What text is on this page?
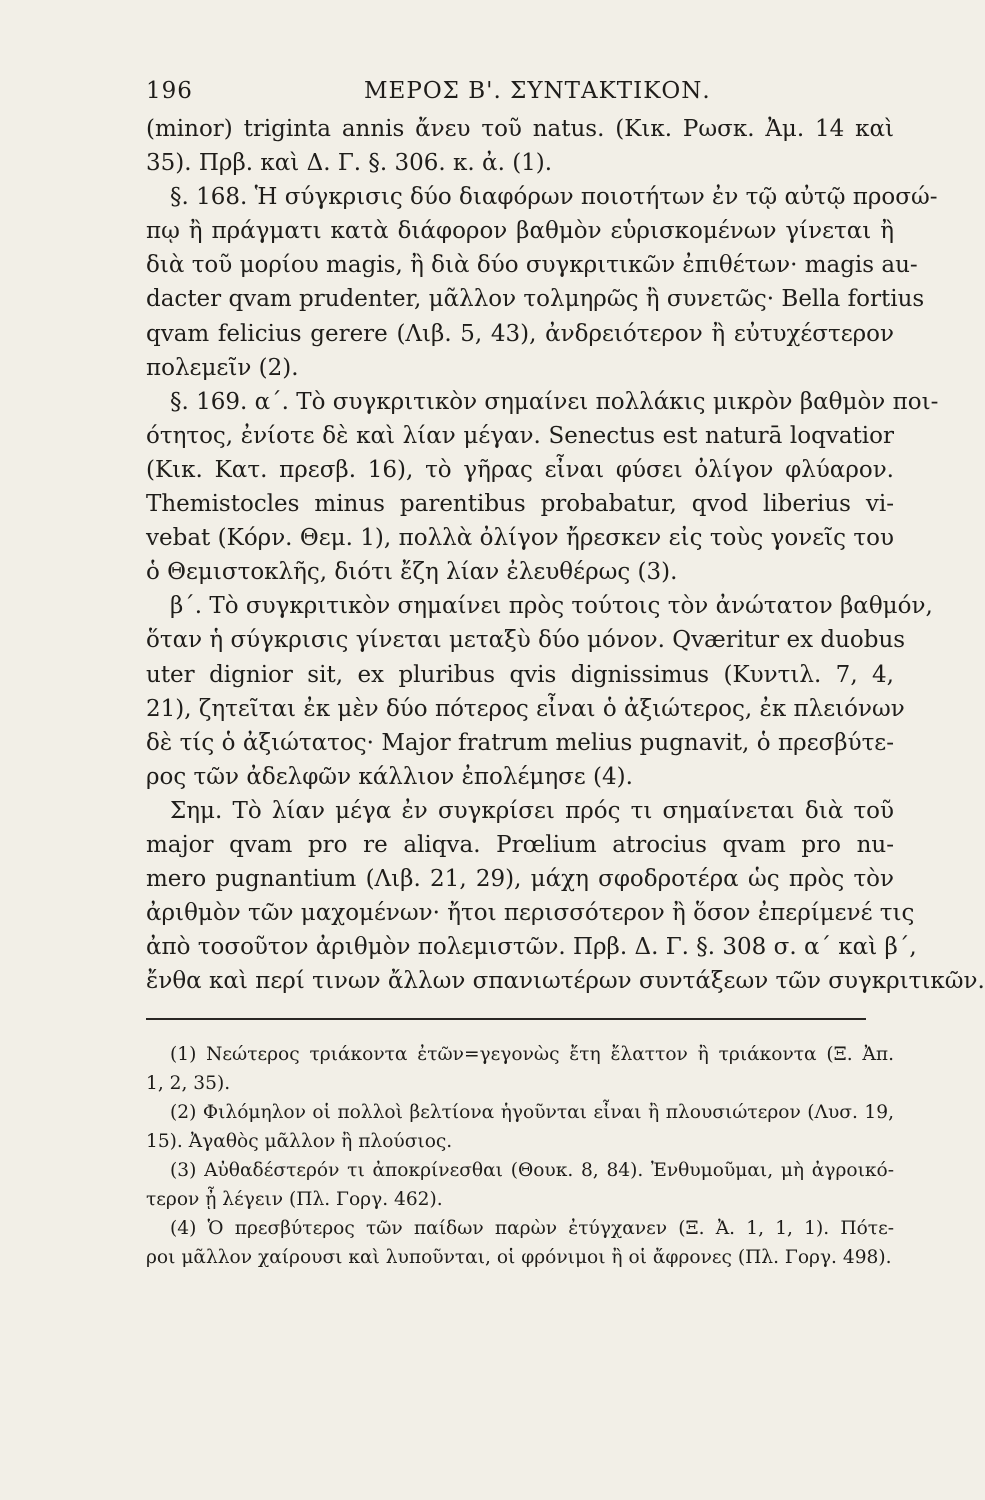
196	ΜΕΡΟΣ Β'. ΣΥΝΤΑΚΤΙΚΟΝ.
(minor) triginta annis ἄνευ τοῦ natus. (Κικ. Ρωσκ. Ἀμ. 14 καὶ
35). Πρβ. καὶ Δ. Γ. §. 306. κ. ἀ. (1).
§. 168. Ἡ σύγκρισις δύο διαφόρων ποιοτήτων ἐν τῷ αὐτῷ προσώ-
πῳ ἢ πράγματι κατὰ διάφορον βαθμὸν εὑρισκομένων γίνεται ἢ
διὰ τοῦ μορίου magis, ἢ διὰ δύο συγκριτικῶν ἐπιθέτων· magis au-
dacter qvam prudenter, μᾶλλον τολμηρῶς ἢ συνετῶς· Bella fortius
qvam felicius gerere (Λιβ. 5, 43), ἀνδρειότερον ἢ εὐτυχέστερον
πολεμεῖν (2).
§. 169. α΄. Τὸ συγκριτικὸν σημαίνει πολλάκις μικρὸν βαθμὸν ποι-
ότητος, ἐνίοτε δὲ καὶ λίαν μέγαν. Senectus est naturā loqvatior
(Κικ. Κατ. πρεσβ. 16), τὸ γῆρας εἶναι φύσει ὀλίγον φλύαρον.
Themistocles minus parentibus probabatur, qvod liberius vi-
vebat (Κόρν. Θεμ. 1), πολλὰ ὀλίγον ἤρεσκεν εἰς τοὺς γονεῖς του
ὁ Θεμιστοκλῆς, διότι ἔζη λίαν ἐλευθέρως (3).
β΄. Τὸ συγκριτικὸν σημαίνει πρὸς τούτοις τὸν ἀνώτατον βαθμόν,
ὅταν ἡ σύγκρισις γίνεται μεταξὺ δύο μόνον. Qværitur ex duobus
uter dignior sit, ex pluribus qvis dignissimus (Κυντιλ. 7, 4,
21), ζητεῖται ἐκ μὲν δύο πότερος εἶναι ὁ ἀξιώτερος, ἐκ πλειόνων
δὲ τίς ὁ ἀξιώτατος· Major fratrum melius pugnavit, ὁ πρεσβύτε-
ρος τῶν ἀδελφῶν κάλλιον ἐπολέμησε (4).
Σημ. Τὸ λίαν μέγα ἐν συγκρίσει πρός τι σημαίνεται διὰ τοῦ
major qvam pro re aliqva. Prœlium atrocius qvam pro nu-
mero pugnantium (Λιβ. 21, 29), μάχη σφοδροτέρα ὡς πρὸς τὸν
ἀριθμὸν τῶν μαχομένων· ἤτοι περισσότερον ἢ ὅσον ἐπερίμενέ τις
ἀπὸ τοσοῦτον ἀριθμὸν πολεμιστῶν. Πρβ. Δ. Γ. §. 308 σ. α΄ καὶ β΄,
ἔνθα καὶ περί τινων ἄλλων σπανιωτέρων συντάξεων τῶν συγκριτικῶν.
(1) Νεώτερος τριάκοντα ἐτῶν=γεγονὼς ἔτη ἔλαττον ἢ τριάκοντα (Ξ. Ἀπ.
1, 2, 35).
(2) Φιλόμηλον οἱ πολλοὶ βελτίονα ἡγοῦνται εἶναι ἢ πλουσιώτερον (Λυσ. 19,
15). Ἀγαθὸς μᾶλλον ἢ πλούσιος.
(3) Αὐθαδέστερόν τι ἀποκρίνεσθαι (Θουκ. 8, 84). Ἐνθυμοῦμαι, μὴ ἀγροικό-
τερον ᾖ λέγειν (Πλ. Γοργ. 462).
(4) Ὁ πρεσβύτερος τῶν παίδων παρὼν ἐτύγχανεν (Ξ. Ἀ. 1, 1, 1). Πότε-
ροι μᾶλλον χαίρουσι καὶ λυποῦνται, οἱ φρόνιμοι ἢ οἱ ἄφρονες (Πλ. Γοργ. 498).
